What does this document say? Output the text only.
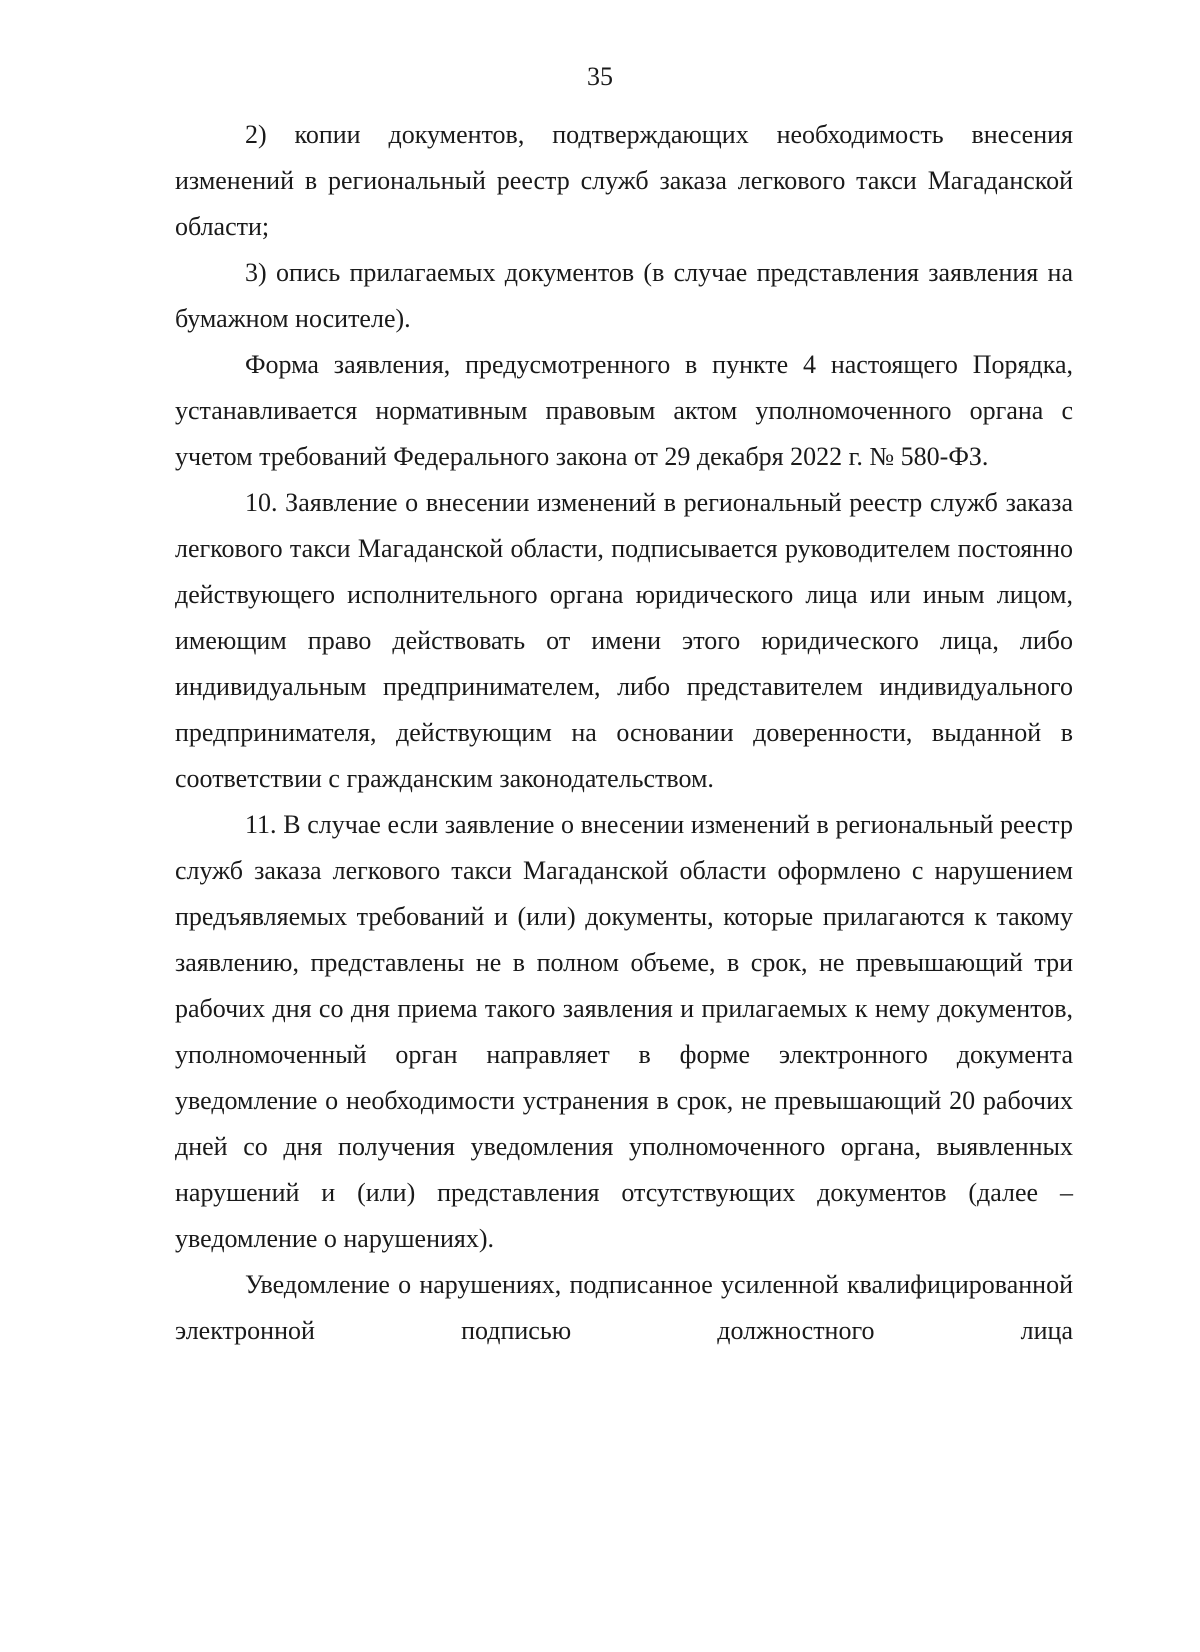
35

2) копии документов, подтверждающих необходимость внесения изменений в региональный реестр служб заказа легкового такси Магаданской области;

3) опись прилагаемых документов (в случае представления заявления на бумажном носителе).

Форма заявления, предусмотренного в пункте 4 настоящего Порядка, устанавливается нормативным правовым актом уполномоченного органа с учетом требований Федерального закона от 29 декабря 2022 г. № 580-ФЗ.

10. Заявление о внесении изменений в региональный реестр служб заказа легкового такси Магаданской области, подписывается руководителем постоянно действующего исполнительного органа юридического лица или иным лицом, имеющим право действовать от имени этого юридического лица, либо индивидуальным предпринимателем, либо представителем индивидуального предпринимателя, действующим на основании доверенности, выданной в соответствии с гражданским законодательством.

11. В случае если заявление о внесении изменений в региональный реестр служб заказа легкового такси Магаданской области оформлено с нарушением предъявляемых требований и (или) документы, которые прилагаются к такому заявлению, представлены не в полном объеме, в срок, не превышающий три рабочих дня со дня приема такого заявления и прилагаемых к нему документов, уполномоченный орган направляет в форме электронного документа уведомление о необходимости устранения в срок, не превышающий 20 рабочих дней со дня получения уведомления уполномоченного органа, выявленных нарушений и (или) представления отсутствующих документов (далее – уведомление о нарушениях).

Уведомление о нарушениях, подписанное усиленной квалифицированной электронной подписью должностного лица
